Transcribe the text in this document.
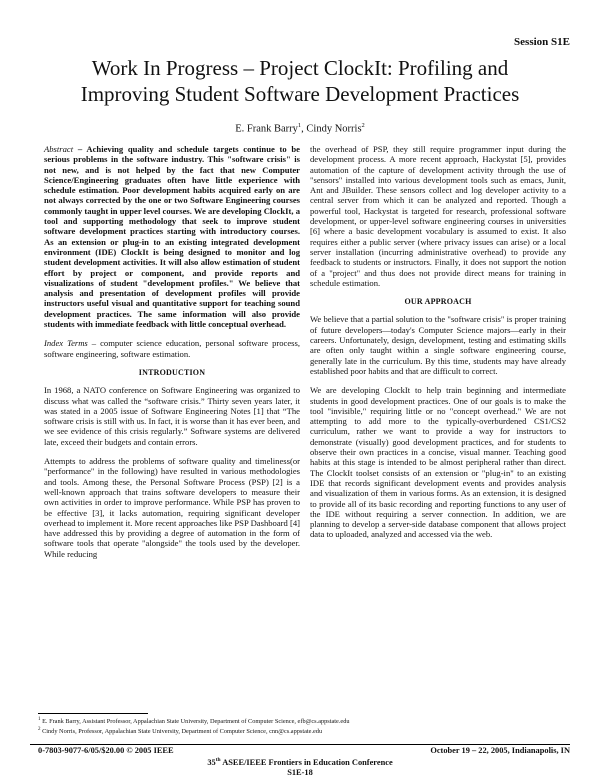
Session S1E
Work In Progress – Project ClockIt: Profiling and
Improving Student Software Development Practices
E. Frank Barry$^1$, Cindy Norris$^2$

Abstract – Achieving quality and schedule targets continue to be serious problems in the software industry. This "software crisis" is not new, and is not helped by the fact that new Computer Science/Engineering graduates often have little experience with schedule estimation. Poor development habits acquired early on are not always corrected by the one or two Software Engineering courses commonly taught in upper level courses. We are developing ClockIt, a tool and supporting methodology that seek to improve student software development practices starting with introductory courses. As an extension or plug-in to an existing integrated development environment (IDE) ClockIt is being designed to monitor and log student development activities. It will also allow estimation of student effort by project or component, and provide reports and visualizations of student "development profiles." We believe that analysis and presentation of development profiles will provide instructors useful visual and quantitative support for teaching sound development practices. The same information will also provide students with immediate feedback with little conceptual overhead.

Index Terms – computer science education, personal software process, software engineering, software estimation.

INTRODUCTION

In 1968, a NATO conference on Software Engineering was organized to discuss what was called the “software crisis.” Thirty seven years later, it was stated in a 2005 issue of Software Engineering Notes [1] that “The software crisis is still with us. In fact, it is worse than it has ever been, and we see evidence of this crisis regularly.” Software systems are delivered late, exceed their budgets and contain errors.

Attempts to address the problems of software quality and timeliness(or "performance" in the following) have resulted in various methodologies and tools. Among these, the Personal Software Process (PSP) [2] is a well-known approach that trains software developers to measure their own activities in order to improve performance. While PSP has proven to be effective [3], it lacks automation, requiring significant developer overhead to implement it. More recent approaches like PSP Dashboard [4] have addressed this by providing a degree of automation in the form of software tools that operate "alongside" the tools used by the developer. While reducing

the overhead of PSP, they still require programmer input during the development process. A more recent approach, Hackystat [5], provides automation of the capture of development activity through the use of "sensors" installed into various development tools such as emacs, Junit, Ant and JBuilder. These sensors collect and log developer activity to a central server from which it can be analyzed and reported. Though a powerful tool, Hackystat is targeted for research, professional software development, or upper-level software engineering courses in universities [6] where a basic development vocabulary is assumed to exist. It also requires either a public server (where privacy issues can arise) or a local server installation (incurring administrative overhead) to provide any feedback to students or instructors. Finally, it does not support the notion of a "project" and thus does not provide direct means for training in schedule estimation.

OUR APPROACH

We believe that a partial solution to the "software crisis" is proper training of future developers—today's Computer Science majors—early in their careers. Unfortunately, design, development, testing and estimating skills are often only taught within a single software engineering course, generally late in the curriculum. By this time, students may have already established poor habits and that are difficult to correct.

We are developing ClockIt to help train beginning and intermediate students in good development practices. One of our goals is to make the tool "invisible," requiring little or no "concept overhead." We are not attempting to add more to the typically-overburdened CS1/CS2 curriculum, rather we want to provide a way for instructors to demonstrate (visually) good development practices, and for students to observe their own practices in a concise, visual manner. Teaching good habits at this stage is intended to be almost peripheral rather than direct. The ClockIt toolset consists of an extension or "plug-in" to an existing IDE that records significant development events and provides analysis and visualization of them in various forms. As an extension, it is designed to provide all of its basic recording and reporting functions to any user of the IDE without requiring a server connection. In addition, we are planning to develop a server-side database component that allows project data to uploaded, analyzed and accessed via the web.

$^1$ E. Frank Barry, Assistant Professor, Appalachian State University, Department of Computer Science, efb@cs.appstate.edu
$^2$ Cindy Norris, Professor, Appalachian State University, Department of Computer Science, cnn@cs.appstate.edu
0-7803-9077-6/05/$20.00 © 2005 IEEE	October 19 – 22, 2005, Indianapolis, IN
35th ASEE/IEEE Frontiers in Education Conference
S1E-18
